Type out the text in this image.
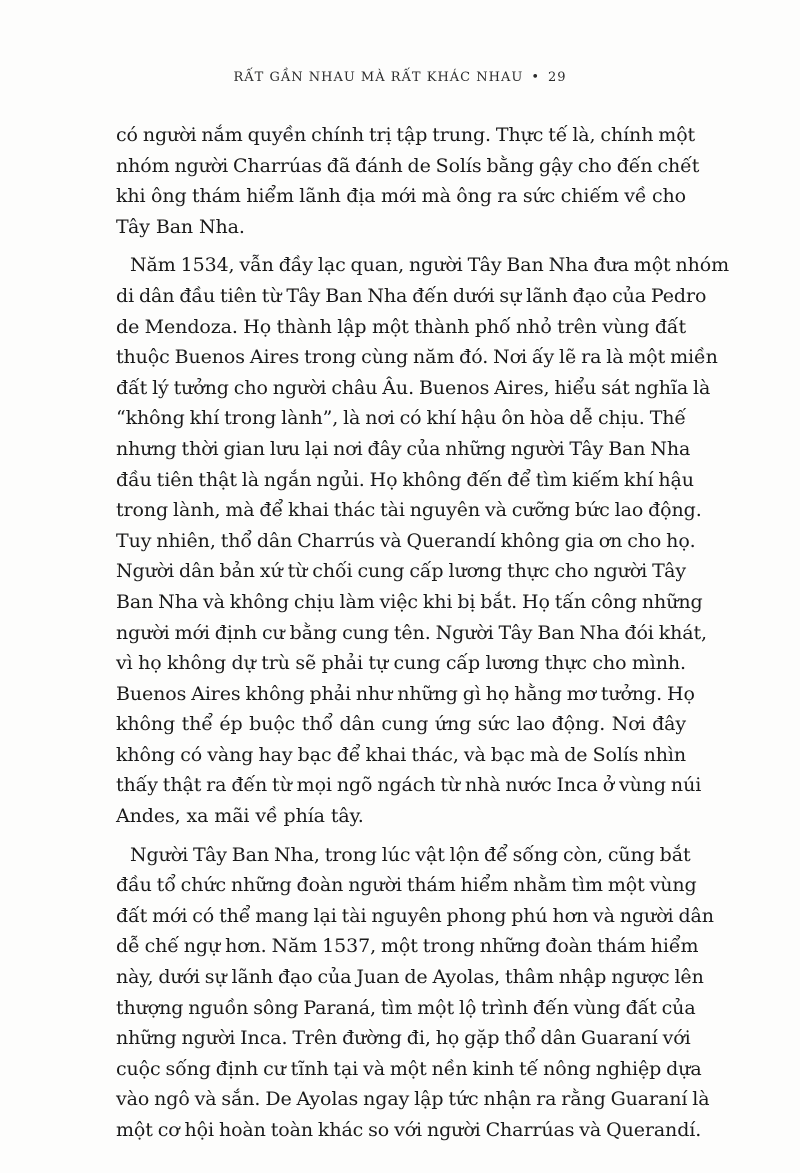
RẤT GẦN NHAU MÀ RẤT KHÁC NHAU • 29
có người nắm quyền chính trị tập trung. Thực tế là, chính một
nhóm người Charrúas đã đánh de Solís bằng gậy cho đến chết
khi ông thám hiểm lãnh địa mới mà ông ra sức chiếm về cho
Tây Ban Nha.
Năm 1534, vẫn đầy lạc quan, người Tây Ban Nha đưa một nhóm
di dân đầu tiên từ Tây Ban Nha đến dưới sự lãnh đạo của Pedro
de Mendoza. Họ thành lập một thành phố nhỏ trên vùng đất
thuộc Buenos Aires trong cùng năm đó. Nơi ấy lẽ ra là một miền
đất lý tưởng cho người châu Âu. Buenos Aires, hiểu sát nghĩa là
“không khí trong lành”, là nơi có khí hậu ôn hòa dễ chịu. Thế
nhưng thời gian lưu lại nơi đây của những người Tây Ban Nha
đầu tiên thật là ngắn ngủi. Họ không đến để tìm kiếm khí hậu
trong lành, mà để khai thác tài nguyên và cưỡng bức lao động.
Tuy nhiên, thổ dân Charrús và Querandí không gia ơn cho họ.
Người dân bản xứ từ chối cung cấp lương thực cho người Tây
Ban Nha và không chịu làm việc khi bị bắt. Họ tấn công những
người mới định cư bằng cung tên. Người Tây Ban Nha đói khát,
vì họ không dự trù sẽ phải tự cung cấp lương thực cho mình.
Buenos Aires không phải như những gì họ hằng mơ tưởng. Họ
không thể ép buộc thổ dân cung ứng sức lao động. Nơi đây
không có vàng hay bạc để khai thác, và bạc mà de Solís nhìn
thấy thật ra đến từ mọi ngõ ngách từ nhà nước Inca ở vùng núi
Andes, xa mãi về phía tây.
Người Tây Ban Nha, trong lúc vật lộn để sống còn, cũng bắt
đầu tổ chức những đoàn người thám hiểm nhằm tìm một vùng
đất mới có thể mang lại tài nguyên phong phú hơn và người dân
dễ chế ngự hơn. Năm 1537, một trong những đoàn thám hiểm
này, dưới sự lãnh đạo của Juan de Ayolas, thâm nhập ngược lên
thượng nguồn sông Paraná, tìm một lộ trình đến vùng đất của
những người Inca. Trên đường đi, họ gặp thổ dân Guaraní với
cuộc sống định cư tĩnh tại và một nền kinh tế nông nghiệp dựa
vào ngô và sắn. De Ayolas ngay lập tức nhận ra rằng Guaraní là
một cơ hội hoàn toàn khác so với người Charrúas và Querandí.
